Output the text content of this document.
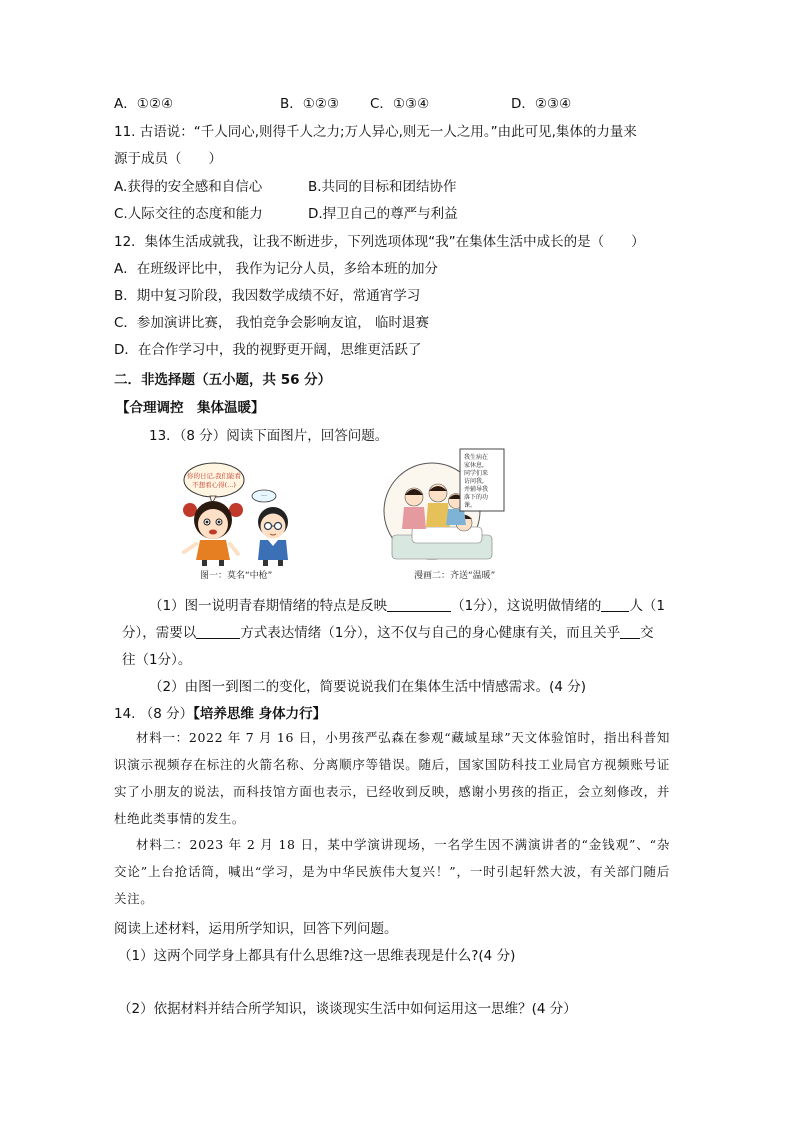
A．①②④	B．①②③ C．①③④	D．②③④
11. 古语说：“千人同心,则得千人之力;万人异心,则无一人之用。”由此可见,集体的力量来
源于成员（　　）
A.获得的安全感和自信心	B.共同的目标和团结协作
C.人际交往的态度和能力	D.捍卫自己的尊严与利益
12．集体生活成就我，让我不断进步，下列选项体现“我”在集体生活中成长的是（　　）
A．在班级评比中， 我作为记分人员，多给本班的加分
B．期中复习阶段，我因数学成绩不好，常通宵学习
C．参加演讲比赛， 我怕竞争会影响友谊， 临时退赛
D．在合作学习中，我的视野更开阔，思维更活跃了
二．非选择题（五小题，共 56 分）
【合理调控　集体温暖】
13．（8 分）阅读下面图片，回答问题。
你的日记,我们能看
不想看心得(...)
···
图一：莫名“中枪”
我生病在
家休息,
同学们来
访问我,
并辅导我
落下的功
课。
漫画二：齐送“温暖”
（1）图一说明青春期情绪的特点是反映	（1分），这说明做情绪的 人（1
分），需要以	方式表达情绪（1分），这不仅与自己的身心健康有关，而且关乎 交
往（1分）。
（2）由图一到图二的变化，简要说说我们在集体生活中情感需求。(4 分)
14. （8 分）【培养思维 身体力行】
材料一：2022 年 7 月 16 日，小男孩严弘森在参观“藏域星球”天文体验馆时，指出科普知识演示视频存在标注的火箭名称、分离顺序等错误。随后，国家国防科技工业局官方视频账号证实了小朋友的说法，而科技馆方面也表示，已经收到反映，感谢小男孩的指正，会立刻修改，并杜绝此类事情的发生。
材料二：2023 年 2 月 18 日，某中学演讲现场，一名学生因不满演讲者的“金钱观”、“杂交论”上台抢话筒，喊出“学习，是为中华民族伟大复兴！”，一时引起轩然大波，有关部门随后关注。
阅读上述材料，运用所学知识，回答下列问题。
（1）这两个同学身上都具有什么思维?这一思维表现是什么?(4 分)
（2）依据材料并结合所学知识，谈谈现实生活中如何运用这一思维？(4 分）
